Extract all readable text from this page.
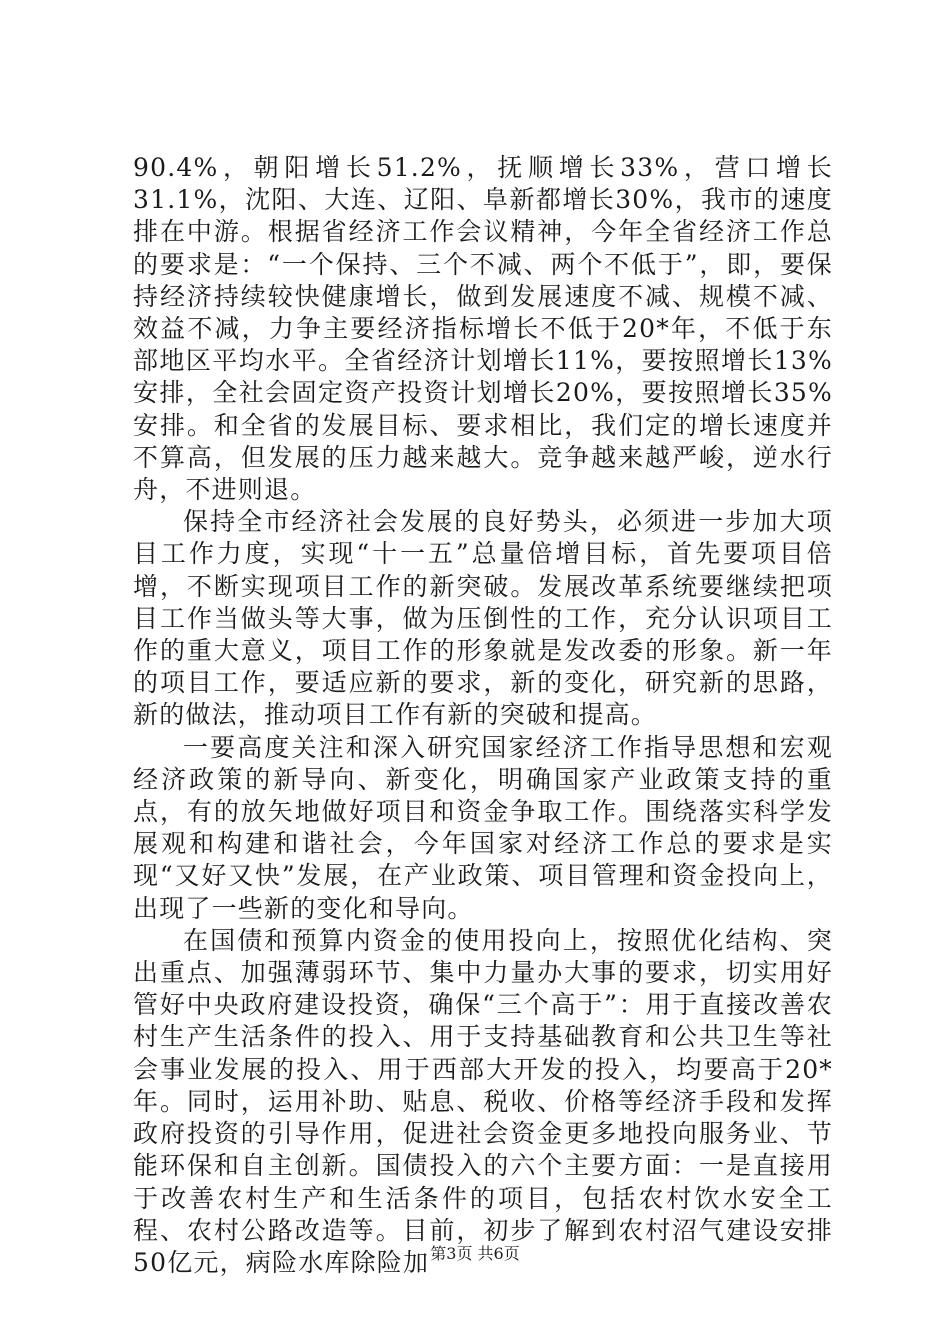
90.4%，朝阳增长51.2%，抚顺增长33%，营口增长31.1%，沈阳、大连、辽阳、阜新都增长30%，我市的速度排在中游。根据省经济工作会议精神，今年全省经济工作总的要求是：“一个保持、三个不减、两个不低于”，即，要保持经济持续较快健康增长，做到发展速度不减、规模不减、效益不减，力争主要经济指标增长不低于20*年，不低于东部地区平均水平。全省经济计划增长11%，要按照增长13%安排，全社会固定资产投资计划增长20%，要按照增长35%安排。和全省的发展目标、要求相比，我们定的增长速度并不算高，但发展的压力越来越大。竞争越来越严峻，逆水行舟，不进则退。

保持全市经济社会发展的良好势头，必须进一步加大项目工作力度，实现“十一五”总量倍增目标，首先要项目倍增，不断实现项目工作的新突破。发展改革系统要继续把项目工作当做头等大事，做为压倒性的工作，充分认识项目工作的重大意义，项目工作的形象就是发改委的形象。新一年的项目工作，要适应新的要求，新的变化，研究新的思路，新的做法，推动项目工作有新的突破和提高。

一要高度关注和深入研究国家经济工作指导思想和宏观经济政策的新导向、新变化，明确国家产业政策支持的重点，有的放矢地做好项目和资金争取工作。围绕落实科学发展观和构建和谐社会，今年国家对经济工作总的要求是实现“又好又快”发展，在产业政策、项目管理和资金投向上，出现了一些新的变化和导向。

在国债和预算内资金的使用投向上，按照优化结构、突出重点、加强薄弱环节、集中力量办大事的要求，切实用好管好中央政府建设投资，确保“三个高于”：用于直接改善农村生产生活条件的投入、用于支持基础教育和公共卫生等社会事业发展的投入、用于西部大开发的投入，均要高于20*年。同时，运用补助、贴息、税收、价格等经济手段和发挥政府投资的引导作用，促进社会资金更多地投向服务业、节能环保和自主创新。国债投入的六个主要方面：一是直接用于改善农村生产和生活条件的项目，包括农村饮水安全工程、农村公路改造等。目前，初步了解到农村沼气建设安排50亿元，病险水库除险加 第3页 共6页
